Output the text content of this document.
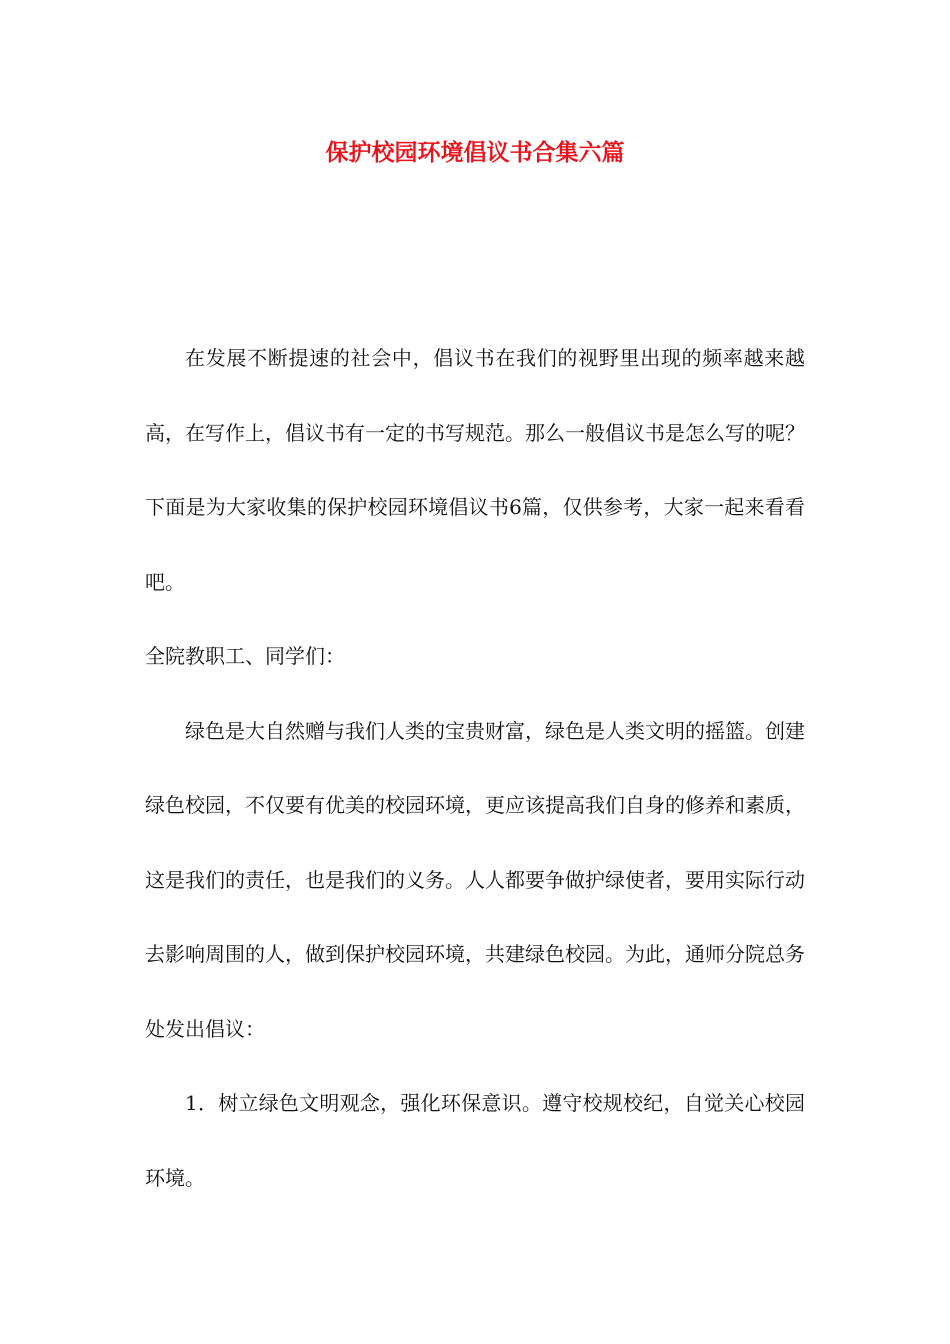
保护校园环境倡议书合集六篇

在发展不断提速的社会中，倡议书在我们的视野里出现的频率越来越高，在写作上，倡议书有一定的书写规范。那么一般倡议书是怎么写的呢？下面是为大家收集的保护校园环境倡议书6篇，仅供参考，大家一起来看看吧。

全院教职工、同学们：

绿色是大自然赠与我们人类的宝贵财富，绿色是人类文明的摇篮。创建绿色校园，不仅要有优美的校园环境，更应该提高我们自身的修养和素质，这是我们的责任，也是我们的义务。人人都要争做护绿使者，要用实际行动去影响周围的人，做到保护校园环境，共建绿色校园。为此，通师分院总务处发出倡议：

1．树立绿色文明观念，强化环保意识。遵守校规校纪，自觉关心校园环境。
